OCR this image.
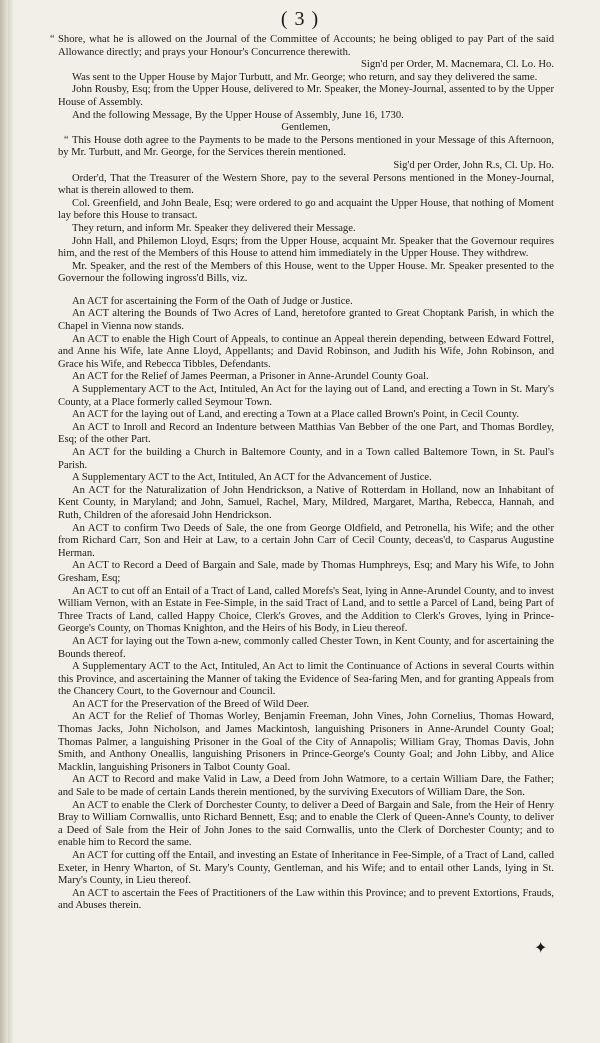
( 3 )

“ Shore, what he is allowed on the Journal of the Committee of Accounts; he being obliged to pay Part of the said Allowance directly; and prays your Honour's Concurrence therewith.

Sign'd per Order, M. Macnemara, Cl. Lo. Ho.

Was sent to the Upper House by Major Turbutt, and Mr. George; who return, and say they delivered the same.

John Rousby, Esq; from the Upper House, delivered to Mr. Speaker, the Money-Journal, assented to by the Upper House of Assembly.

And the following Message, By the Upper House of Assembly, June 16, 1730.

Gentlemen,

“ This House doth agree to the Payments to be made to the Persons mentioned in your Message of this Afternoon, by Mr. Turbutt, and Mr. George, for the Services therein mentioned.

Sig'd per Order, John R.s, Cl. Up. Ho.

Order'd, That the Treasurer of the Western Shore, pay to the several Persons mentioned in the Money-Journal, what is therein allowed to them.

Col. Greenfield, and John Beale, Esq; were ordered to go and acquaint the Upper House, that nothing of Moment lay before this House to transact.

They return, and inform Mr. Speaker they delivered their Message.

John Hall, and Philemon Lloyd, Esqrs; from the Upper House, acquaint Mr. Speaker that the Governour requires him, and the rest of the Members of this House to attend him immediately in the Upper House. They withdrew.

Mr. Speaker, and the rest of the Members of this House, went to the Upper House. Mr. Speaker presented to the Governour the following ingross'd Bills, viz.

An ACT for ascertaining the Form of the Oath of Judge or Justice.

An ACT altering the Bounds of Two Acres of Land, heretofore granted to Great Choptank Parish, in which the Chapel in Vienna now stands.

An ACT to enable the High Court of Appeals, to continue an Appeal therein depending, between Edward Fottrel, and Anne his Wife, late Anne Lloyd, Appellants; and David Robinson, and Judith his Wife, John Robinson, and Grace his Wife, and Rebecca Tibbles, Defendants.

An ACT for the Relief of James Peerman, a Prisoner in Anne-Arundel County Goal.

A Supplementary ACT to the Act, Intituled, An Act for the laying out of Land, and erecting a Town in St. Mary's County, at a Place formerly called Seymour Town.

An ACT for the laying out of Land, and erecting a Town at a Place called Brown's Point, in Cecil County.

An ACT to Inroll and Record an Indenture between Matthias Van Bebber of the one Part, and Thomas Bordley, Esq; of the other Part.

An ACT for the building a Church in Baltemore County, and in a Town called Baltemore Town, in St. Paul's Parish.

A Supplementary ACT to the Act, Intituled, An ACT for the Advancement of Justice.

An ACT for the Naturalization of John Hendrickson, a Native of Rotterdam in Holland, now an Inhabitant of Kent County, in Maryland; and John, Samuel, Rachel, Mary, Mildred, Margaret, Martha, Rebecca, Hannah, and Ruth, Children of the aforesaid John Hendrickson.

An ACT to confirm Two Deeds of Sale, the one from George Oldfield, and Petronella, his Wife; and the other from Richard Carr, Son and Heir at Law, to a certain John Carr of Cecil County, deceas'd, to Casparus Augustine Herman.

An ACT to Record a Deed of Bargain and Sale, made by Thomas Humphreys, Esq; and Mary his Wife, to John Gresham, Esq;

An ACT to cut off an Entail of a Tract of Land, called Morefs's Seat, lying in Anne-Arundel County, and to invest William Vernon, with an Estate in Fee-Simple, in the said Tract of Land, and to settle a Parcel of Land, being Part of Three Tracts of Land, called Happy Choice, Clerk's Groves, and the Addition to Clerk's Groves, lying in Prince-George's County, on Thomas Knighton, and the Heirs of his Body, in Lieu thereof.

An ACT for laying out the Town a-new, commonly called Chester Town, in Kent County, and for ascertaining the Bounds thereof.

A Supplementary ACT to the Act, Intituled, An Act to limit the Continuance of Actions in several Courts within this Province, and ascertaining the Manner of taking the Evidence of Sea-faring Men, and for granting Appeals from the Chancery Court, to the Governour and Council.

An ACT for the Preservation of the Breed of Wild Deer.

An ACT for the Relief of Thomas Worley, Benjamin Freeman, John Vines, John Cornelius, Thomas Howard, Thomas Jacks, John Nicholson, and James Mackintosh, languishing Prisoners in Anne-Arundel County Goal; Thomas Palmer, a languishing Prisoner in the Goal of the City of Annapolis; William Gray, Thomas Davis, John Smith, and Anthony Oneallis, languishing Prisoners in Prince-George's County Goal; and John Libby, and Alice Macklin, languishing Prisoners in Talbot County Goal.

An ACT to Record and make Valid in Law, a Deed from John Watmore, to a certain William Dare, the Father; and Sale to be made of certain Lands therein mentioned, by the surviving Executors of William Dare, the Son.

An ACT to enable the Clerk of Dorchester County, to deliver a Deed of Bargain and Sale, from the Heir of Henry Bray to William Cornwallis, unto Richard Bennett, Esq; and to enable the Clerk of Queen-Anne's County, to deliver a Deed of Sale from the Heir of John Jones to the said Cornwallis, unto the Clerk of Dorchester County; and to enable him to Record the same.

An ACT for cutting off the Entail, and investing an Estate of Inheritance in Fee-Simple, of a Tract of Land, called Exeter, in Henry Wharton, of St. Mary's County, Gentleman, and his Wife; and to entail other Lands, lying in St. Mary's County, in Lieu thereof.

An ACT to ascertain the Fees of Practitioners of the Law within this Province; and to prevent Extortions, Frauds, and Abuses therein.

✦
